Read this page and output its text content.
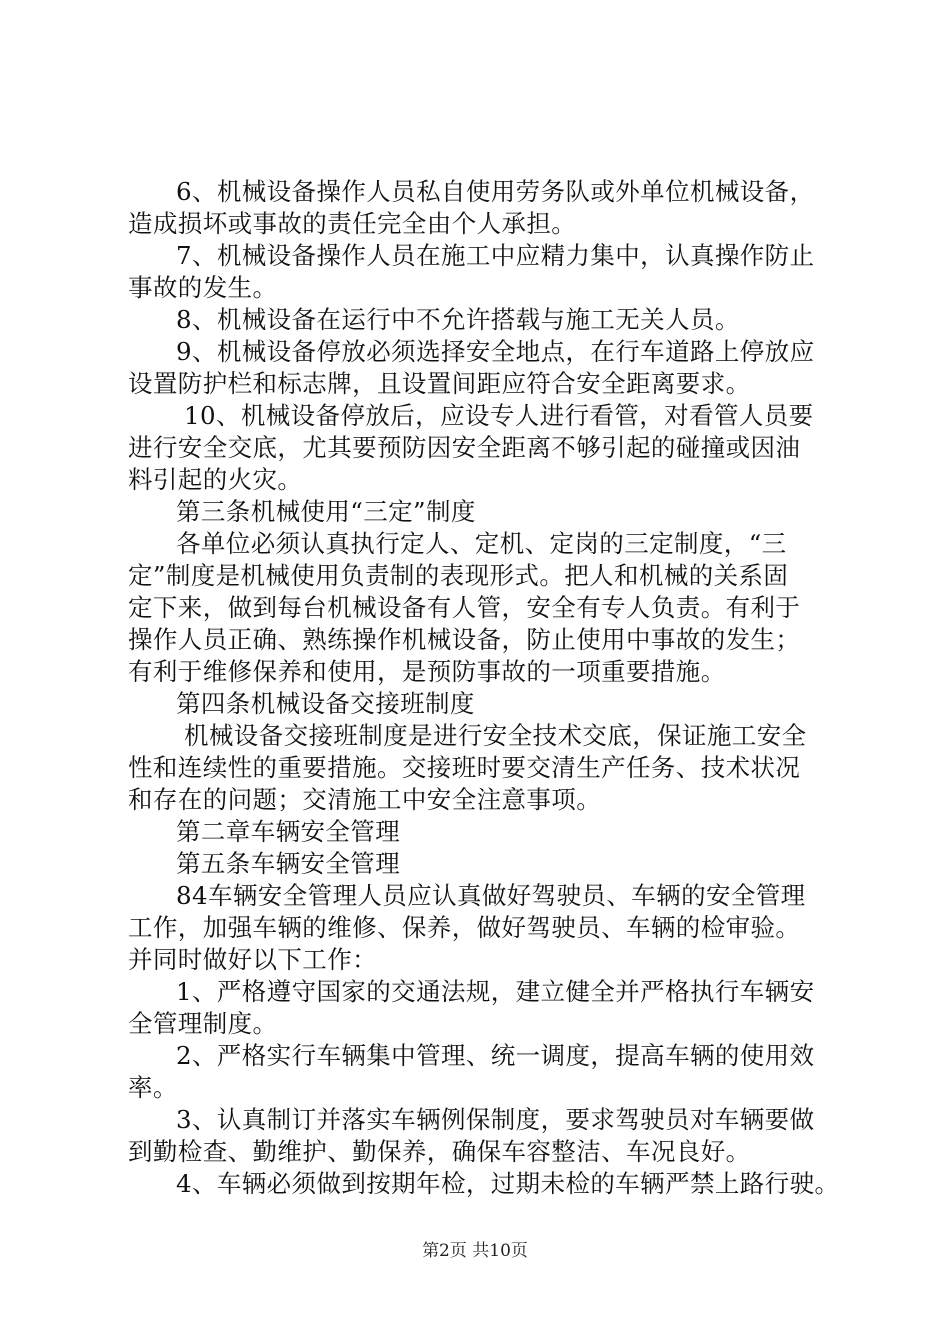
6、机械设备操作人员私自使用劳务队或外单位机械设备，
造成损坏或事故的责任完全由个人承担。
7、机械设备操作人员在施工中应精力集中，认真操作防止
事故的发生。
8、机械设备在运行中不允许搭载与施工无关人员。
9、机械设备停放必须选择安全地点，在行车道路上停放应
设置防护栏和标志牌，且设置间距应符合安全距离要求。
10、机械设备停放后，应设专人进行看管，对看管人员要
进行安全交底，尤其要预防因安全距离不够引起的碰撞或因油
料引起的火灾。
第三条机械使用“三定”制度
各单位必须认真执行定人、定机、定岗的三定制度，“三
定”制度是机械使用负责制的表现形式。把人和机械的关系固
定下来，做到每台机械设备有人管，安全有专人负责。有利于
操作人员正确、熟练操作机械设备，防止使用中事故的发生；
有利于维修保养和使用，是预防事故的一项重要措施。
第四条机械设备交接班制度
机械设备交接班制度是进行安全技术交底，保证施工安全
性和连续性的重要措施。交接班时要交清生产任务、技术状况
和存在的问题；交清施工中安全注意事项。
第二章车辆安全管理
第五条车辆安全管理
84车辆安全管理人员应认真做好驾驶员、车辆的安全管理
工作，加强车辆的维修、保养，做好驾驶员、车辆的检审验。
并同时做好以下工作：
1、严格遵守国家的交通法规，建立健全并严格执行车辆安
全管理制度。
2、严格实行车辆集中管理、统一调度，提高车辆的使用效
率。
3、认真制订并落实车辆例保制度，要求驾驶员对车辆要做
到勤检查、勤维护、勤保养，确保车容整洁、车况良好。
4、车辆必须做到按期年检，过期未检的车辆严禁上路行驶。
第2页 共10页
